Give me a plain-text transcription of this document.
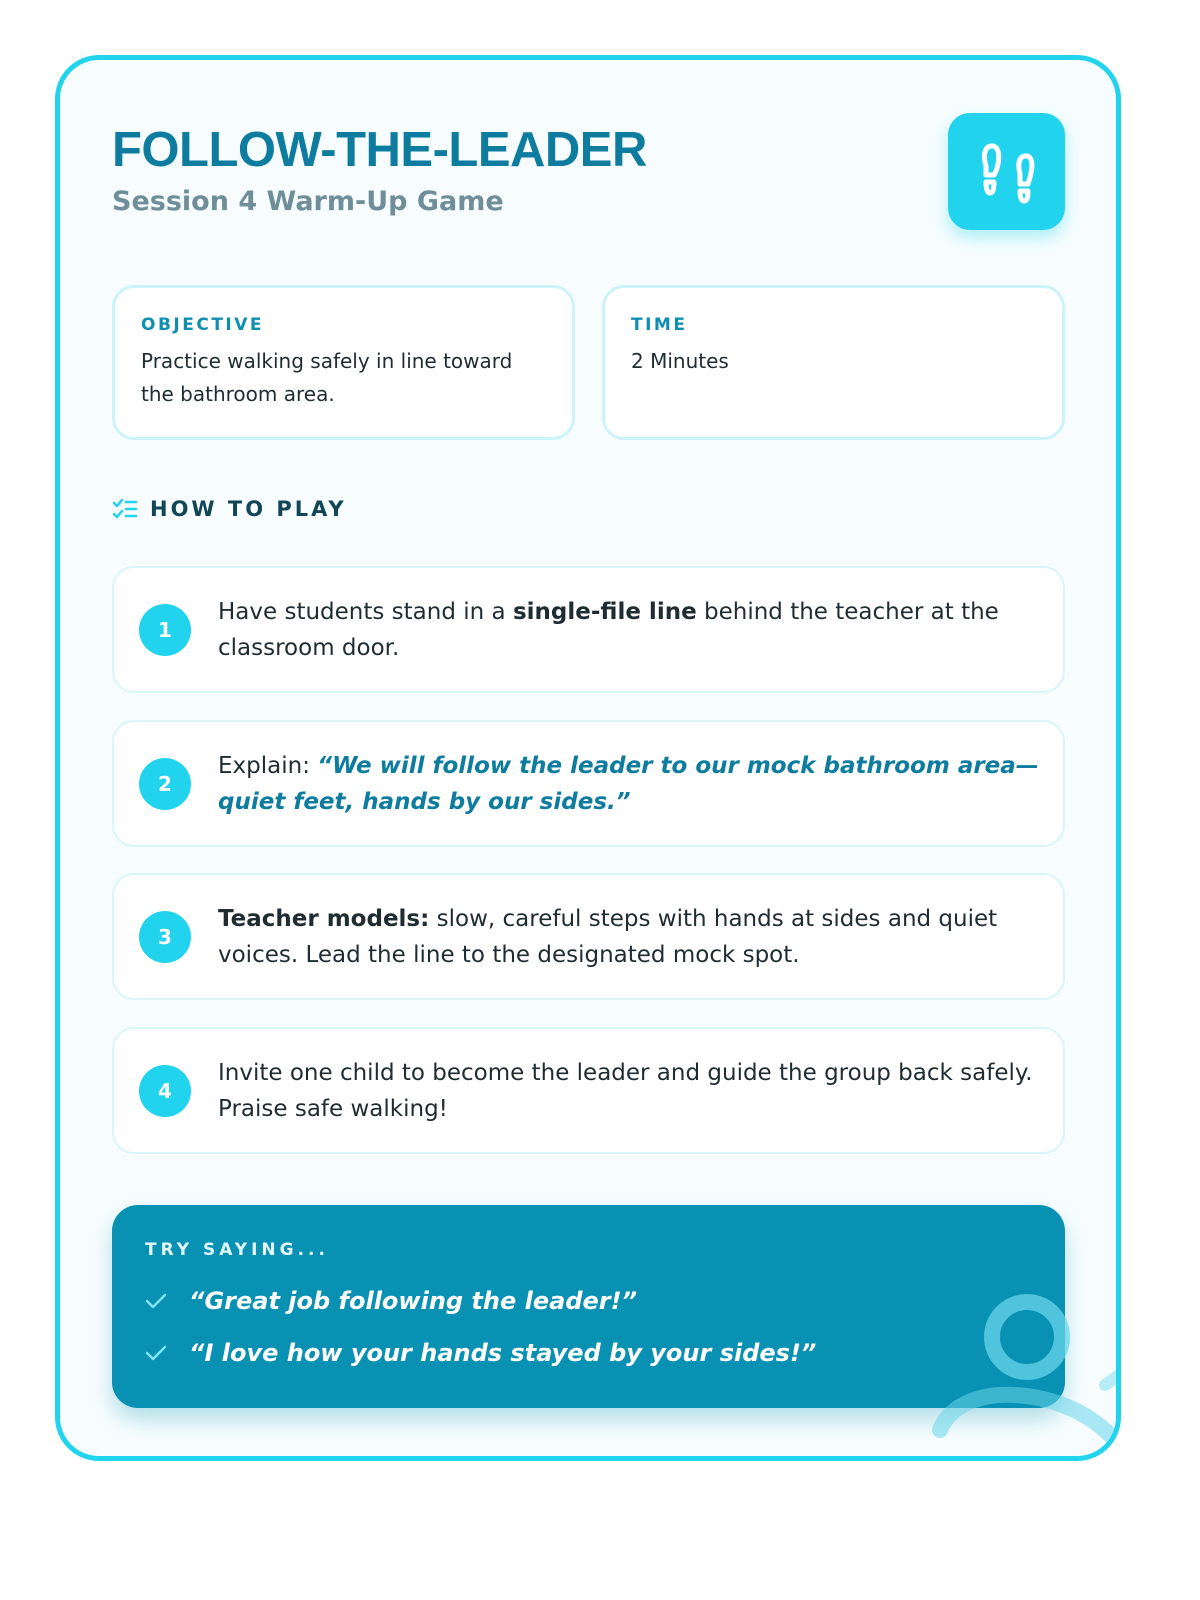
FOLLOW-THE-LEADER

Session 4 Warm-Up Game

OBJECTIVE
Practice walking safely in line toward the bathroom area.
TIME
2 Minutes
HOW TO PLAY
1
Have students stand in a single-file line behind the teacher at the classroom door.
2
Explain: “We will follow the leader to our mock bathroom area—quiet feet, hands by our sides.”
3
Teacher models: slow, careful steps with hands at sides and quiet voices. Lead the line to the designated mock spot.
4
Invite one child to become the leader and guide the group back safely. Praise safe walking!
TRY SAYING...
“Great job following the leader!”
“I love how your hands stayed by your sides!”
